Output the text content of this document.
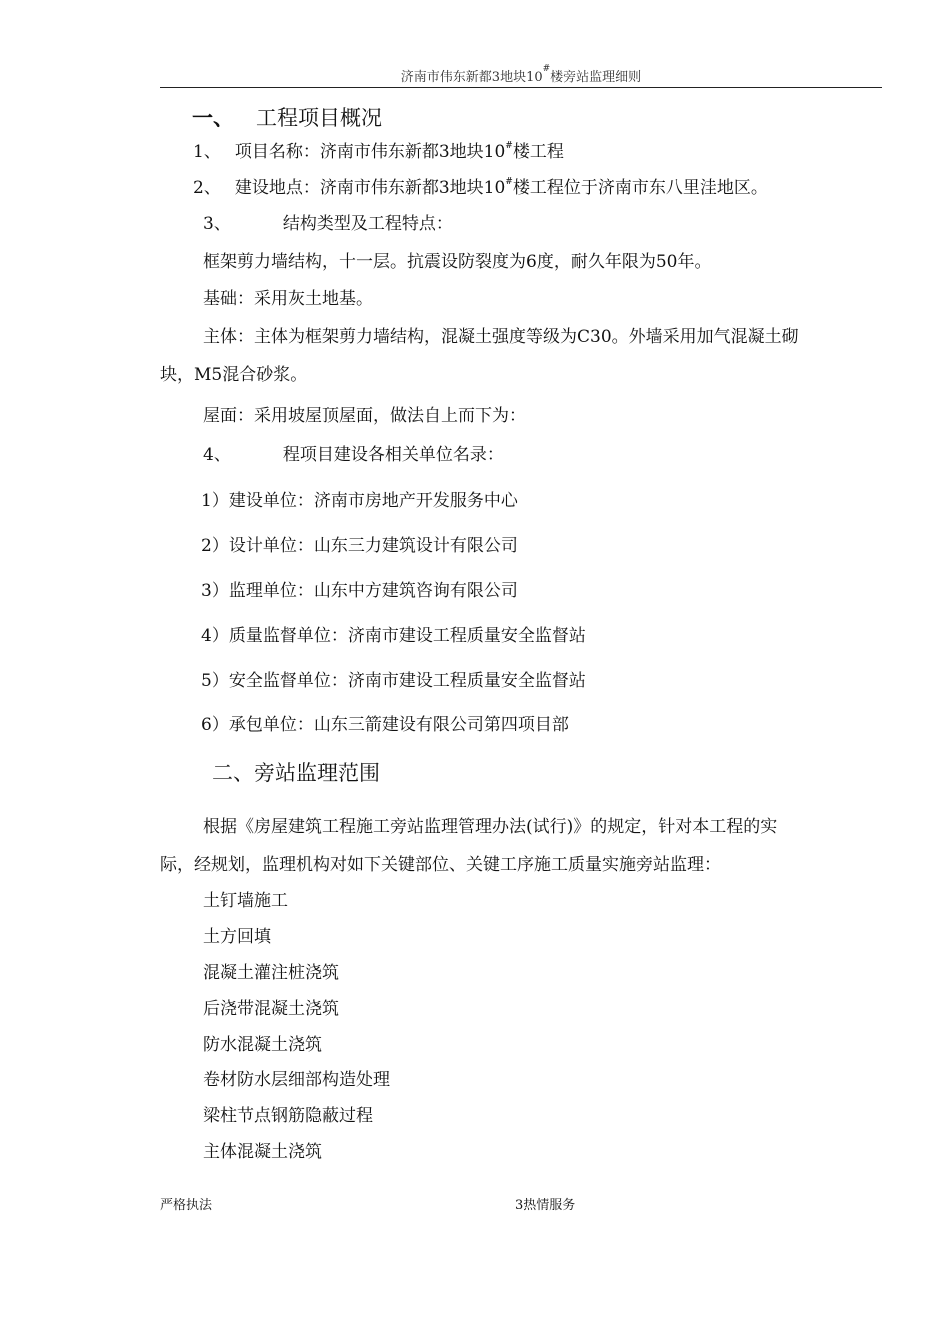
济南市伟东新都3地块10#楼旁站监理细则
一、 工程项目概况
1、 项目名称：济南市伟东新都3地块10#楼工程
2、 建设地点：济南市伟东新都3地块10#楼工程位于济南市东八里洼地区。
3、	结构类型及工程特点：
框架剪力墙结构，十一层。抗震设防裂度为6度，耐久年限为50年。
基础：采用灰土地基。
主体：主体为框架剪力墙结构，混凝土强度等级为C30。外墙采用加气混凝土砌
块，M5混合砂浆。
屋面：采用坡屋顶屋面，做法自上而下为：
4、	程项目建设各相关单位名录：
1）建设单位：济南市房地产开发服务中心
2）设计单位：山东三力建筑设计有限公司
3）监理单位：山东中方建筑咨询有限公司
4）质量监督单位：济南市建设工程质量安全监督站
5）安全监督单位：济南市建设工程质量安全监督站
6）承包单位：山东三箭建设有限公司第四项目部
二、旁站监理范围
根据《房屋建筑工程施工旁站监理管理办法(试行)》的规定，针对本工程的实
际，经规划，监理机构对如下关键部位、关键工序施工质量实施旁站监理：
土钉墙施工
土方回填
混凝土灌注桩浇筑
后浇带混凝土浇筑
防水混凝土浇筑
卷材防水层细部构造处理
梁柱节点钢筋隐蔽过程
主体混凝土浇筑
严格执法	3热情服务
